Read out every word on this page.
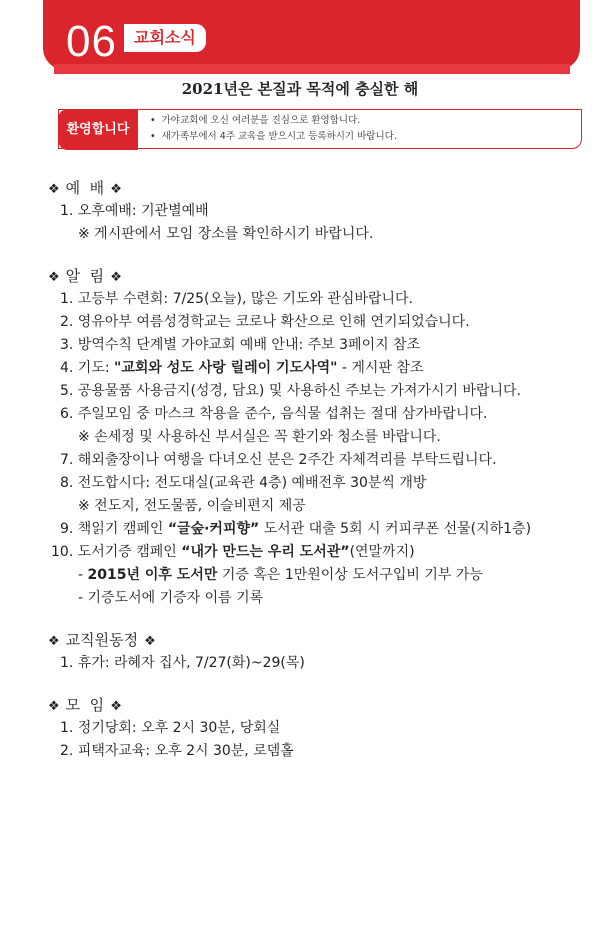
06	교회소식
2021년은 본질과 목적에 충실한 해
환영합니다
• 가야교회에 오신 여러분을 진심으로 환영합니다.
• 새가족부에서 4주 교육을 받으시고 등록하시기 바랍니다.
❖ 예  배 ❖
1. 오후예배: 기관별예배
※ 게시판에서 모임 장소를 확인하시기 바랍니다.
❖ 알  림 ❖
1. 고등부 수련회: 7/25(오늘), 많은 기도와 관심바랍니다.
2. 영유아부 여름성경학교는 코로나 확산으로 인해 연기되었습니다.
3. 방역수칙 단계별 가야교회 예배 안내: 주보 3페이지 참조
4. 기도: "교회와 성도 사랑 릴레이 기도사역" - 게시판 참조
5. 공용물품 사용금지(성경, 담요) 및 사용하신 주보는 가져가시기 바랍니다.
6. 주일모임 중 마스크 착용을 준수, 음식물 섭취는 절대 삼가바랍니다.
※ 손세정 및 사용하신 부서실은 꼭 환기와 청소를 바랍니다.
7. 해외출장이나 여행을 다녀오신 분은 2주간 자체격리를 부탁드립니다.
8. 전도합시다: 전도대실(교육관 4층) 예배전후 30분씩 개방
※ 전도지, 전도물품, 이슬비편지 제공
9. 책읽기 캠페인 “글숲·커피향” 도서관 대출 5회 시 커피쿠폰 선물(지하1층)
10. 도서기증 캠페인 “내가 만드는 우리 도서관”(연말까지)
- 2015년 이후 도서만 기증 혹은 1만원이상 도서구입비 기부 가능
- 기증도서에 기증자 이름 기록
❖ 교직원동정 ❖
1. 휴가: 라혜자 집사, 7/27(화)~29(목)
❖ 모  임 ❖
1. 정기당회: 오후 2시 30분, 당회실
2. 피택자교육: 오후 2시 30분, 로뎀홀
